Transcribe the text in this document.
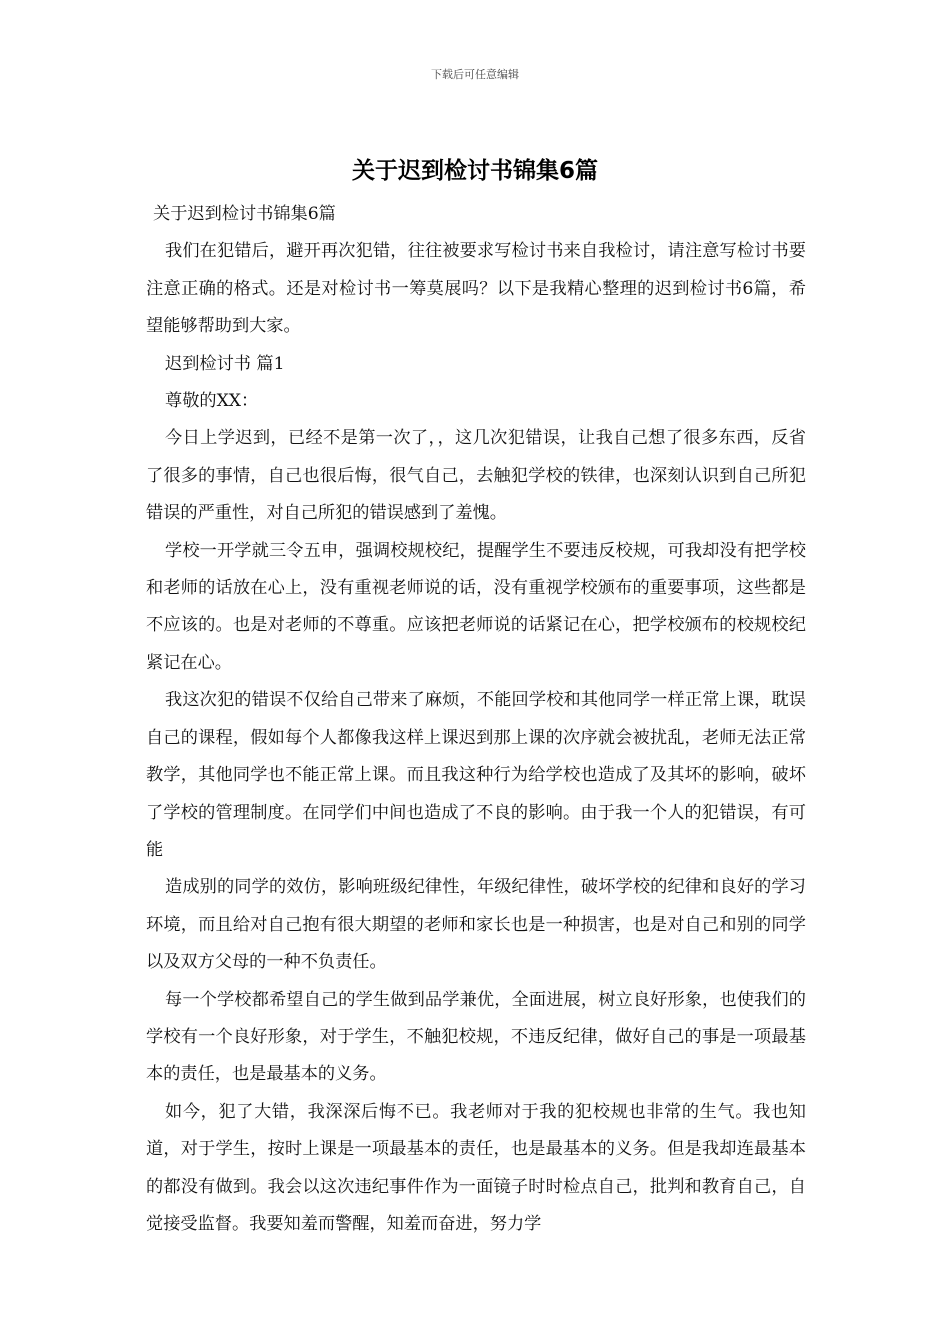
下载后可任意编辑
关于迟到检讨书锦集6篇

关于迟到检讨书锦集6篇

我们在犯错后，避开再次犯错，往往被要求写检讨书来自我检讨，请注意写检讨书要注意正确的格式。还是对检讨书一筹莫展吗？以下是我精心整理的迟到检讨书6篇，希望能够帮助到大家。

迟到检讨书 篇1

尊敬的XX：

今日上学迟到，已经不是第一次了，，这几次犯错误，让我自己想了很多东西，反省了很多的事情，自己也很后悔，很气自己，去触犯学校的铁律，也深刻认识到自己所犯错误的严重性，对自己所犯的错误感到了羞愧。

学校一开学就三令五申，强调校规校纪，提醒学生不要违反校规，可我却没有把学校和老师的话放在心上，没有重视老师说的话，没有重视学校颁布的重要事项，这些都是不应该的。也是对老师的不尊重。应该把老师说的话紧记在心，把学校颁布的校规校纪紧记在心。

我这次犯的错误不仅给自己带来了麻烦，不能回学校和其他同学一样正常上课，耽误自己的课程，假如每个人都像我这样上课迟到那上课的次序就会被扰乱，老师无法正常教学，其他同学也不能正常上课。而且我这种行为给学校也造成了及其坏的影响，破坏了学校的管理制度。在同学们中间也造成了不良的影响。由于我一个人的犯错误，有可能

造成别的同学的效仿，影响班级纪律性，年级纪律性，破坏学校的纪律和良好的学习环境，而且给对自己抱有很大期望的老师和家长也是一种损害，也是对自己和别的同学以及双方父母的一种不负责任。

每一个学校都希望自己的学生做到品学兼优，全面进展，树立良好形象，也使我们的学校有一个良好形象，对于学生，不触犯校规，不违反纪律，做好自己的事是一项最基本的责任，也是最基本的义务。

如今，犯了大错，我深深后悔不已。我老师对于我的犯校规也非常的生气。我也知道，对于学生，按时上课是一项最基本的责任，也是最基本的义务。但是我却连最基本的都没有做到。我会以这次违纪事件作为一面镜子时时检点自己，批判和教育自己，自觉接受监督。我要知羞而警醒，知羞而奋进，努力学
